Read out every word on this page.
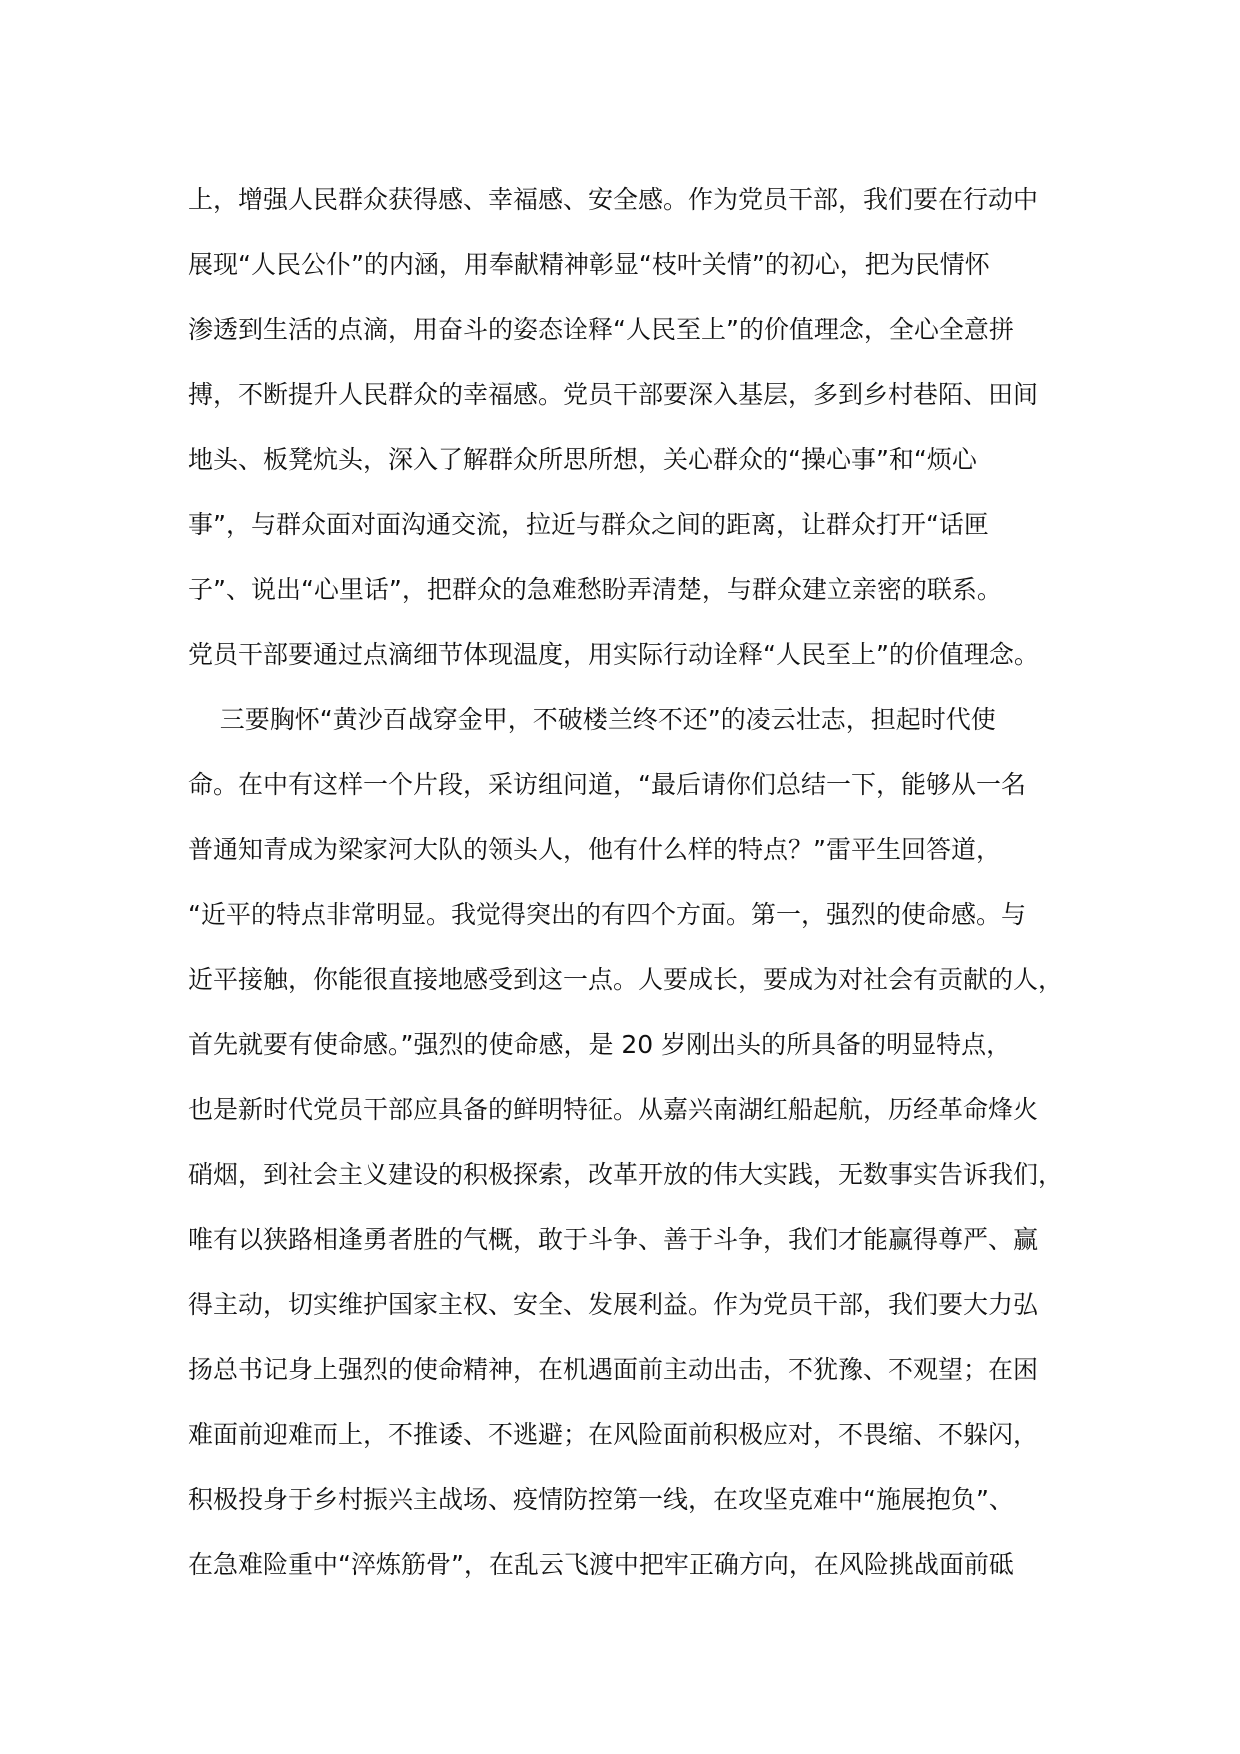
上，增强人民群众获得感、幸福感、安全感。作为党员干部，我们要在行动中
展现“人民公仆”的内涵，用奉献精神彰显“枝叶关情”的初心，把为民情怀
渗透到生活的点滴，用奋斗的姿态诠释“人民至上”的价值理念，全心全意拼
搏，不断提升人民群众的幸福感。党员干部要深入基层，多到乡村巷陌、田间
地头、板凳炕头，深入了解群众所思所想，关心群众的“操心事”和“烦心
事”，与群众面对面沟通交流，拉近与群众之间的距离，让群众打开“话匣
子”、说出“心里话”，把群众的急难愁盼弄清楚，与群众建立亲密的联系。
党员干部要通过点滴细节体现温度，用实际行动诠释“人民至上”的价值理念。
三要胸怀“黄沙百战穿金甲，不破楼兰终不还”的凌云壮志，担起时代使
命。在中有这样一个片段，采访组问道，“最后请你们总结一下，能够从一名
普通知青成为梁家河大队的领头人，他有什么样的特点？”雷平生回答道，
“近平的特点非常明显。我觉得突出的有四个方面。第一，强烈的使命感。与
近平接触，你能很直接地感受到这一点。人要成长，要成为对社会有贡献的人，
首先就要有使命感。”强烈的使命感，是 20 岁刚出头的所具备的明显特点，
也是新时代党员干部应具备的鲜明特征。从嘉兴南湖红船起航，历经革命烽火
硝烟，到社会主义建设的积极探索，改革开放的伟大实践，无数事实告诉我们，
唯有以狭路相逢勇者胜的气概，敢于斗争、善于斗争，我们才能赢得尊严、赢
得主动，切实维护国家主权、安全、发展利益。作为党员干部，我们要大力弘
扬总书记身上强烈的使命精神，在机遇面前主动出击，不犹豫、不观望；在困
难面前迎难而上，不推诿、不逃避；在风险面前积极应对，不畏缩、不躲闪，
积极投身于乡村振兴主战场、疫情防控第一线，在攻坚克难中“施展抱负”、
在急难险重中“淬炼筋骨”，在乱云飞渡中把牢正确方向，在风险挑战面前砥
